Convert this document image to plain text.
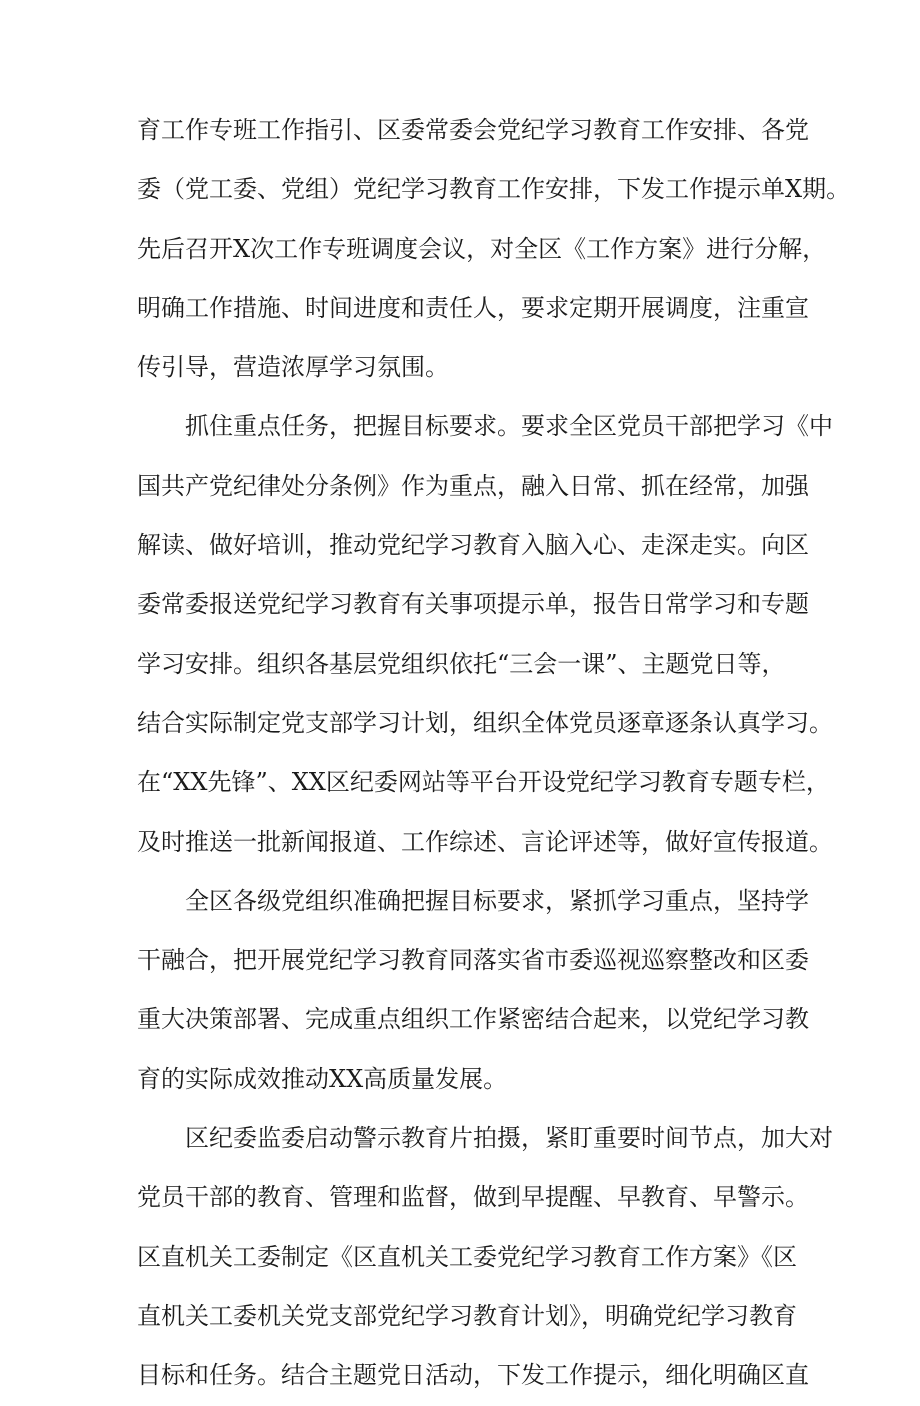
育工作专班工作指引、区委常委会党纪学习教育工作安排、各党
委（党工委、党组）党纪学习教育工作安排，下发工作提示单X期。
先后召开X次工作专班调度会议，对全区《工作方案》进行分解，
明确工作措施、时间进度和责任人，要求定期开展调度，注重宣
传引导，营造浓厚学习氛围。
抓住重点任务，把握目标要求。要求全区党员干部把学习《中
国共产党纪律处分条例》作为重点，融入日常、抓在经常，加强
解读、做好培训，推动党纪学习教育入脑入心、走深走实。向区
委常委报送党纪学习教育有关事项提示单，报告日常学习和专题
学习安排。组织各基层党组织依托“三会一课”、主题党日等，
结合实际制定党支部学习计划，组织全体党员逐章逐条认真学习。
在“XX先锋”、XX区纪委网站等平台开设党纪学习教育专题专栏，
及时推送一批新闻报道、工作综述、言论评述等，做好宣传报道。
全区各级党组织准确把握目标要求，紧抓学习重点，坚持学
干融合，把开展党纪学习教育同落实省市委巡视巡察整改和区委
重大决策部署、完成重点组织工作紧密结合起来，以党纪学习教
育的实际成效推动XX高质量发展。
区纪委监委启动警示教育片拍摄，紧盯重要时间节点，加大对
党员干部的教育、管理和监督，做到早提醒、早教育、早警示。
区直机关工委制定《区直机关工委党纪学习教育工作方案》《区
直机关工委机关党支部党纪学习教育计划》，明确党纪学习教育
目标和任务。结合主题党日活动，下发工作提示，细化明确区直
